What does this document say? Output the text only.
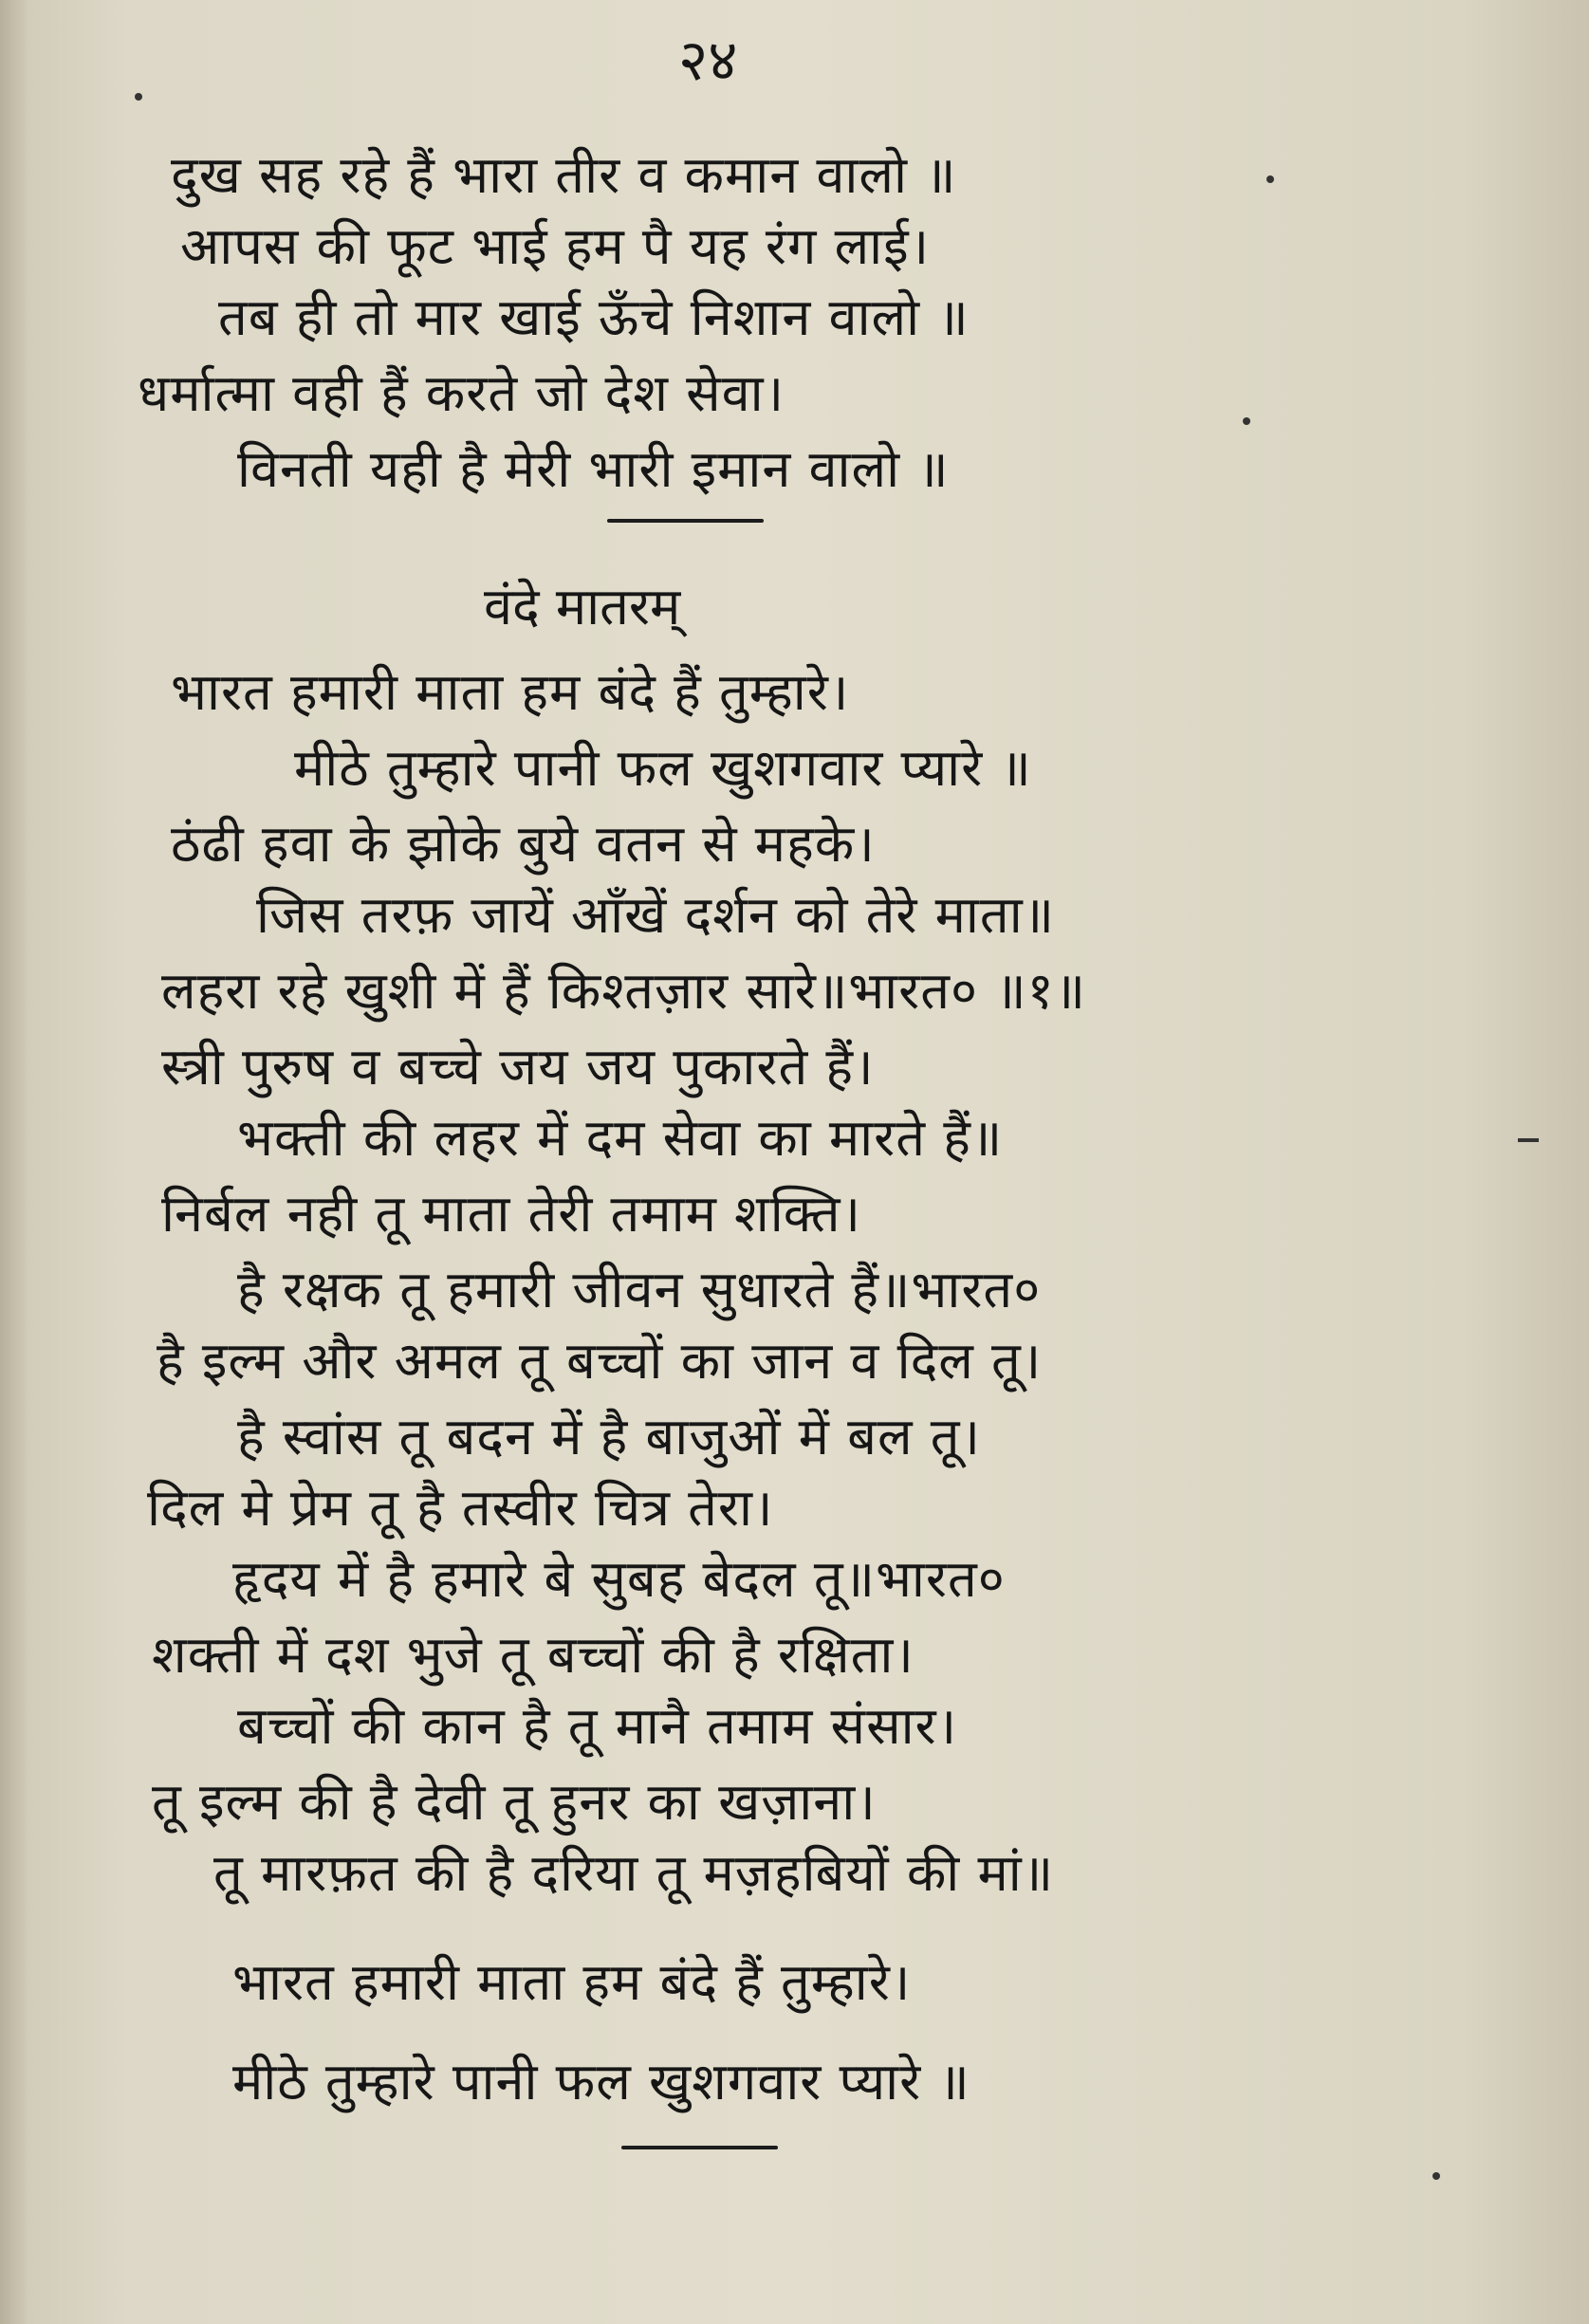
२४
दुख सह रहे हैं भारा तीर व कमान वालो ॥
आपस की फूट भाई हम पै यह रंग लाई।
तब ही तो मार खाई ऊँचे निशान वालो ॥
धर्मात्मा वही हैं करते जो देश सेवा।
विनती यही है मेरी भारी इमान वालो ॥
वंदे मातरम्
भारत हमारी माता हम बंदे हैं तुम्हारे।
मीठे तुम्हारे पानी फल खुशगवार प्यारे ॥
ठंढी हवा के झोके बुये वतन से महके।
जिस तरफ़ जायें आँखें दर्शन को तेरे माता॥
लहरा रहे खुशी में हैं किश्तज़ार सारे॥भारत० ॥१॥
स्त्री पुरुष व बच्चे जय जय पुकारते हैं।
भक्ती की लहर में दम सेवा का मारते हैं॥
निर्बल नही तू माता तेरी तमाम शक्ति।
है रक्षक तू हमारी जीवन सुधारते हैं॥भारत०
है इल्म और अमल तू बच्चों का जान व दिल तू।
है स्वांस तू बदन में है बाजुओं में बल तू।
दिल मे प्रेम तू है तस्वीर चित्र तेरा।
हृदय में है हमारे बे सुबह बेदल तू॥भारत०
शक्ती में दश भुजे तू बच्चों की है रक्षिता।
बच्चों की कान है तू मानै तमाम संसार।
तू इल्म की है देवी तू हुनर का खज़ाना।
तू मारफ़त की है दरिया तू मज़हबियों की मां॥
भारत हमारी माता हम बंदे हैं तुम्हारे।
मीठे तुम्हारे पानी फल खुशगवार प्यारे ॥
